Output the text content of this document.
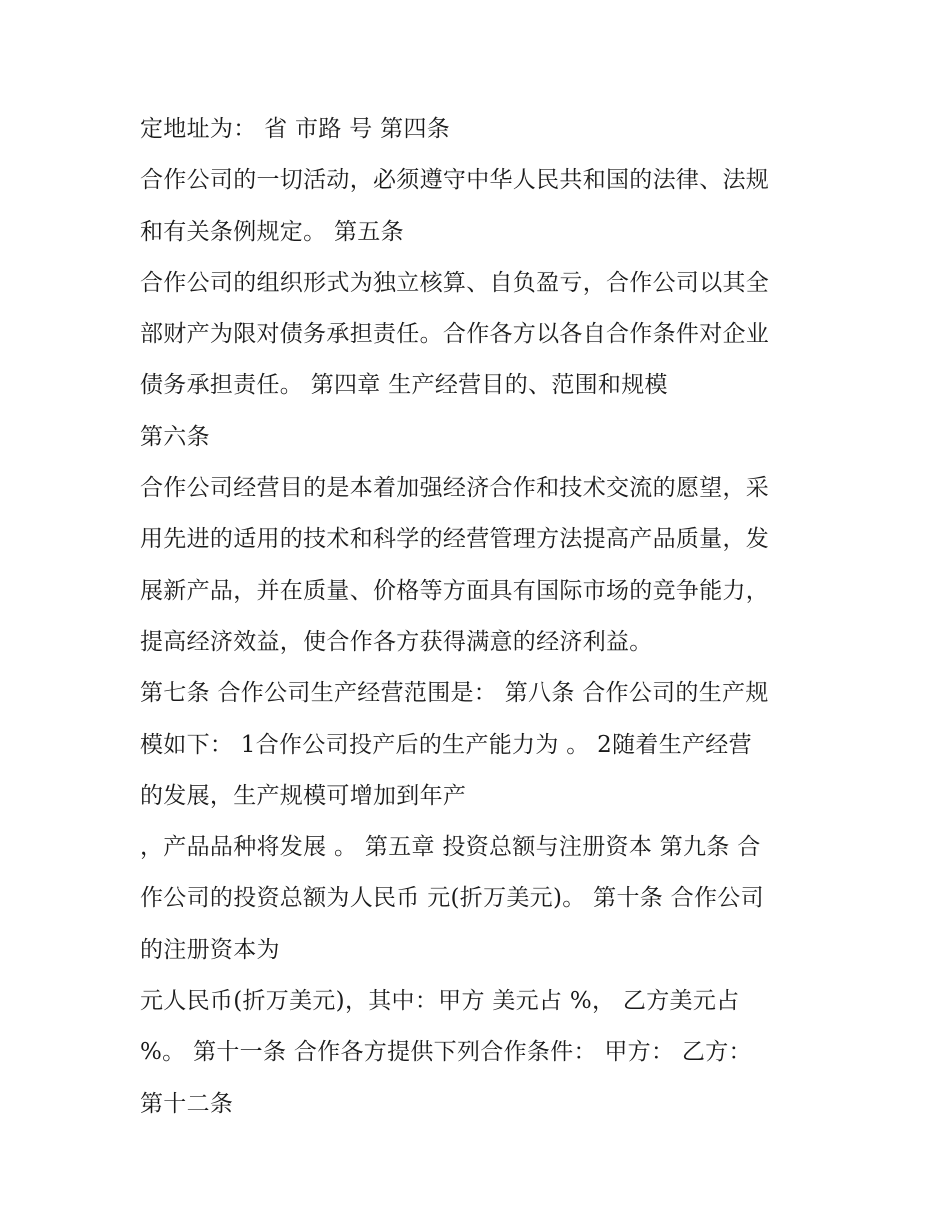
定地址为： 省 市路 号 第四条
合作公司的一切活动，必须遵守中华人民共和国的法律、法规
和有关条例规定。 第五条
合作公司的组织形式为独立核算、自负盈亏，合作公司以其全
部财产为限对债务承担责任。合作各方以各自合作条件对企业
债务承担责任。 第四章 生产经营目的、范围和规模
第六条
合作公司经营目的是本着加强经济合作和技术交流的愿望，采
用先进的适用的技术和科学的经营管理方法提高产品质量，发
展新产品，并在质量、价格等方面具有国际市场的竞争能力，
提高经济效益，使合作各方获得满意的经济利益。
第七条 合作公司生产经营范围是： 第八条 合作公司的生产规
模如下： 1合作公司投产后的生产能力为 。 2随着生产经营
的发展，生产规模可增加到年产
，产品品种将发展 。 第五章 投资总额与注册资本 第九条 合
作公司的投资总额为人民币 元(折万美元)。 第十条 合作公司
的注册资本为
元人民币(折万美元)，其中：甲方 美元占 %， 乙方美元占
%。 第十一条 合作各方提供下列合作条件： 甲方： 乙方：
第十二条
